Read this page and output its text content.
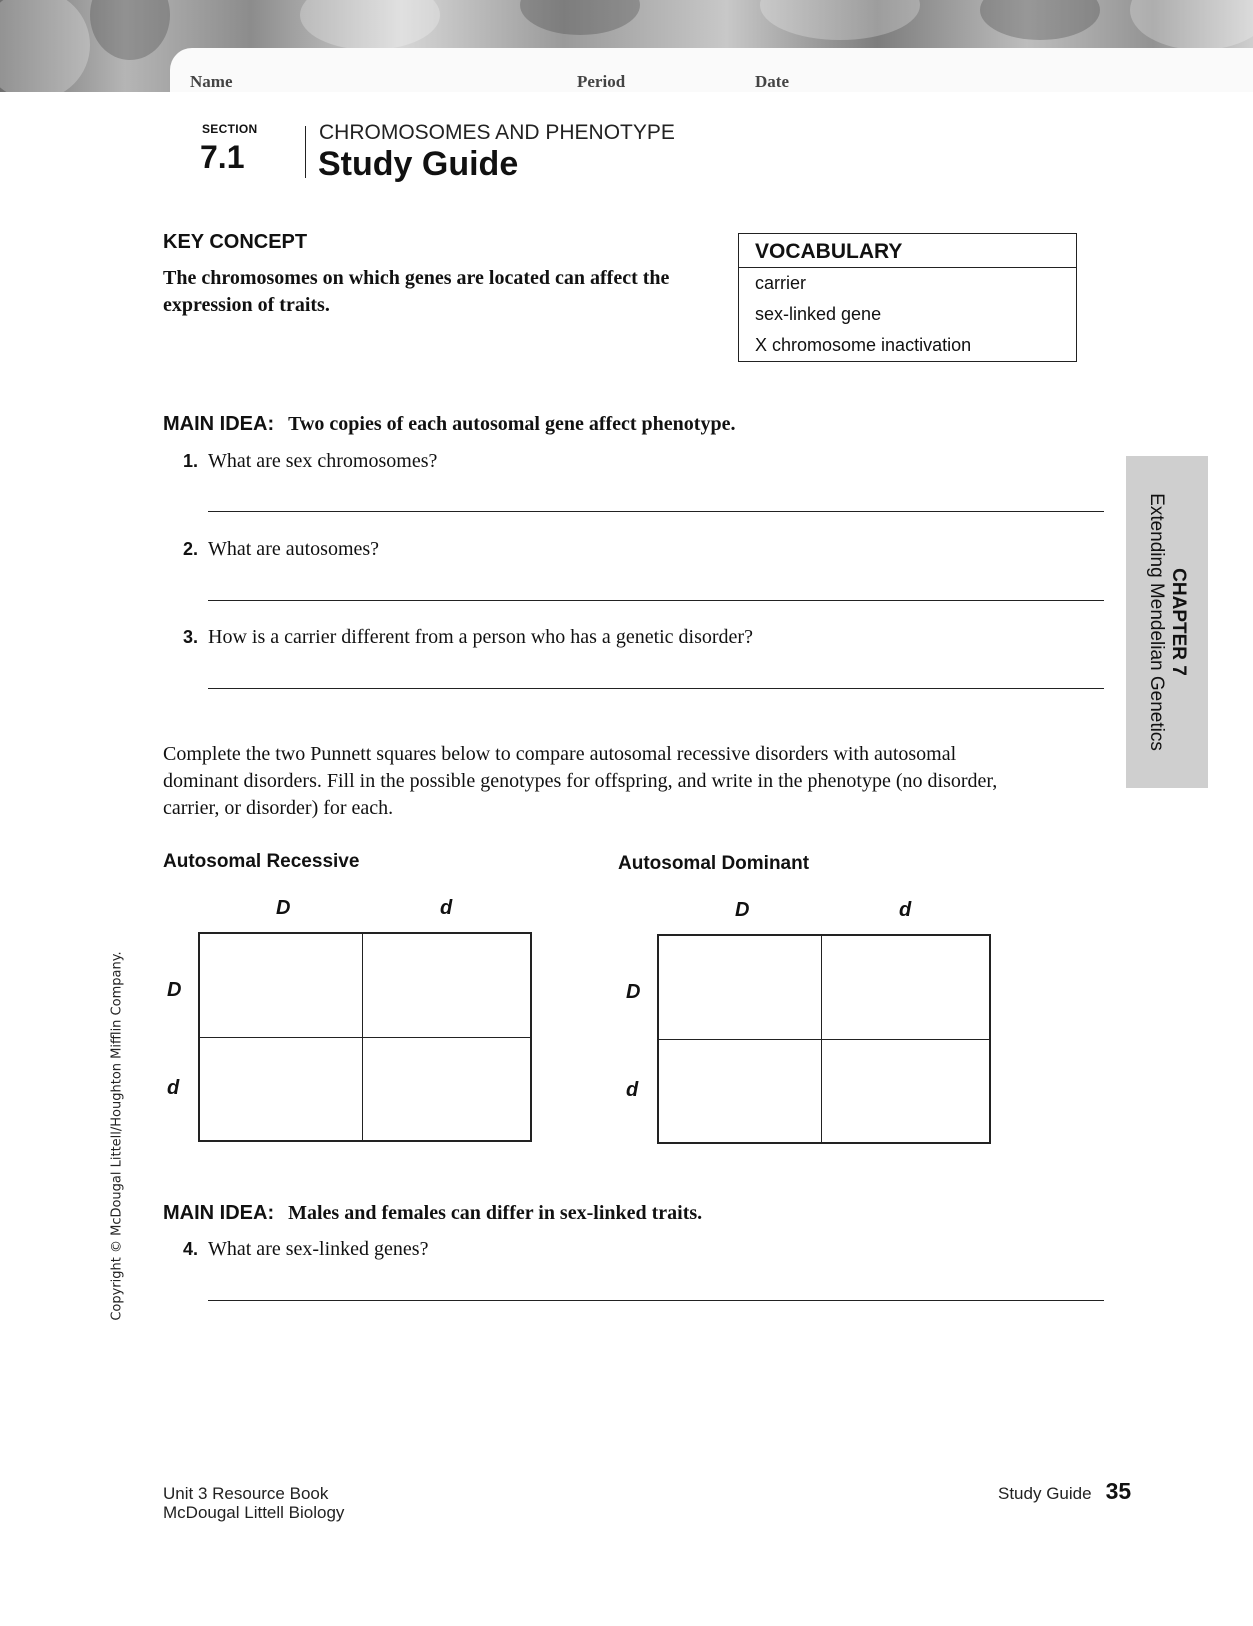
Name	Period	Date
SECTION
7.1
CHROMOSOMES AND PHENOTYPE
Study Guide
KEY CONCEPT
The chromosomes on which genes are located can affect the expression of traits.
VOCABULARY
carrier
sex-linked gene
X chromosome inactivation
MAIN IDEA: Two copies of each autosomal gene affect phenotype.
1. What are sex chromosomes?
2. What are autosomes?
3. How is a carrier different from a person who has a genetic disorder?
Complete the two Punnett squares below to compare autosomal recessive disorders with autosomal dominant disorders. Fill in the possible genotypes for offspring, and write in the phenotype (no disorder, carrier, or disorder) for each.
Autosomal Recessive
D	d
D
d
Autosomal Dominant
D	d
D
d
MAIN IDEA: Males and females can differ in sex-linked traits.
4. What are sex-linked genes?
CHAPTER 7
Extending Mendelian Genetics
Copyright © McDougal Littell/Houghton Mifflin Company.
Unit 3 Resource Book
McDougal Littell Biology
Study Guide 35
